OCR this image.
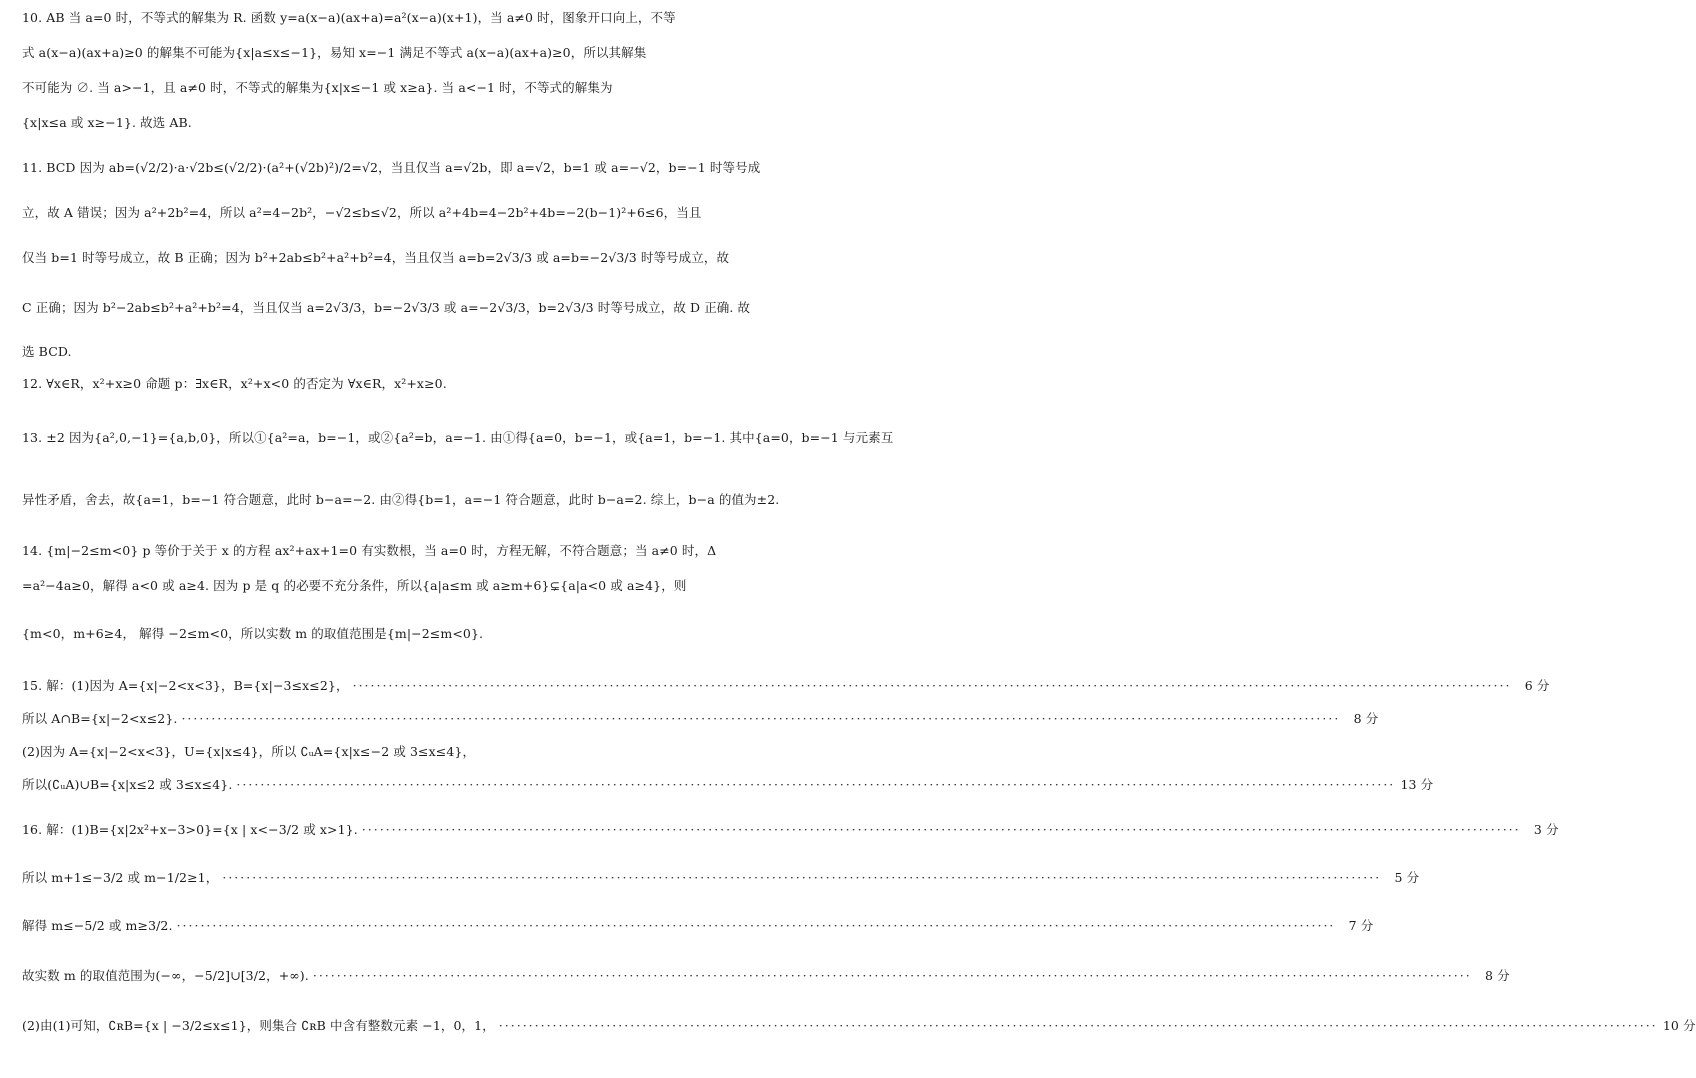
10. AB 当 a=0 时，不等式的解集为 R. 函数 y=a(x−a)(ax+a)=a²(x−a)(x+1)，当 a≠0 时，图象开口向上，不等
式 a(x−a)(ax+a)≥0 的解集不可能为{x|a≤x≤−1}，易知 x=−1 满足不等式 a(x−a)(ax+a)≥0，所以其解集
不可能为 ∅. 当 a>−1，且 a≠0 时，不等式的解集为{x|x≤−1 或 x≥a}. 当 a<−1 时，不等式的解集为
{x|x≤a 或 x≥−1}. 故选 AB.
11. BCD 因为 ab=(√2/2)·a·√2b≤(√2/2)·(a²+(√2b)²)/2=√2，当且仅当 a=√2b，即 a=√2，b=1 或 a=−√2，b=−1 时等号成
立，故 A 错误；因为 a²+2b²=4，所以 a²=4−2b²，−√2≤b≤√2，所以 a²+4b=4−2b²+4b=−2(b−1)²+6≤6，当且
仅当 b=1 时等号成立，故 B 正确；因为 b²+2ab≤b²+a²+b²=4，当且仅当 a=b=2√3/3 或 a=b=−2√3/3 时等号成立，故
C 正确；因为 b²−2ab≤b²+a²+b²=4，当且仅当 a=2√3/3，b=−2√3/3 或 a=−2√3/3，b=2√3/3 时等号成立，故 D 正确. 故
选 BCD.
12. ∀x∈R，x²+x≥0 命题 p：∃x∈R，x²+x<0 的否定为 ∀x∈R，x²+x≥0.
13. ±2 因为{a²,0,−1}={a,b,0}，所以①{a²=a，b=−1，或②{a²=b，a=−1. 由①得{a=0，b=−1，或{a=1，b=−1. 其中{a=0，b=−1 与元素互
异性矛盾，舍去，故{a=1，b=−1 符合题意，此时 b−a=−2. 由②得{b=1，a=−1 符合题意，此时 b−a=2. 综上，b−a 的值为±2.
14. {m|−2≤m<0} p 等价于关于 x 的方程 ax²+ax+1=0 有实数根，当 a=0 时，方程无解，不符合题意；当 a≠0 时，Δ
=a²−4a≥0，解得 a<0 或 a≥4. 因为 p 是 q 的必要不充分条件，所以{a|a≤m 或 a≥m+6}⊊{a|a<0 或 a≥4}，则
{m<0，m+6≥4， 解得 −2≤m<0，所以实数 m 的取值范围是{m|−2≤m<0}.
15. 解：(1)因为 A={x|−2<x<3}，B={x|−3≤x≤2}， ·····	6 分
所以 A∩B={x|−2<x≤2}. ·····	8 分
(2)因为 A={x|−2<x<3}，U={x|x≤4}，所以 ∁ᵤA={x|x≤−2 或 3≤x≤4}，
所以(∁ᵤA)∪B={x|x≤2 或 3≤x≤4}. ·····	13 分
16. 解：(1)B={x|2x²+x−3>0}={x | x<−3/2 或 x>1}. ·····	3 分
所以 m+1≤−3/2 或 m−1/2≥1， ·····	5 分
解得 m≤−5/2 或 m≥3/2. ·····	7 分
故实数 m 的取值范围为(−∞，−5/2]∪[3/2，+∞). ·····	8 分
(2)由(1)可知，∁ʀB={x | −3/2≤x≤1}，则集合 ∁ʀB 中含有整数元素 −1，0，1， ·····	10 分
